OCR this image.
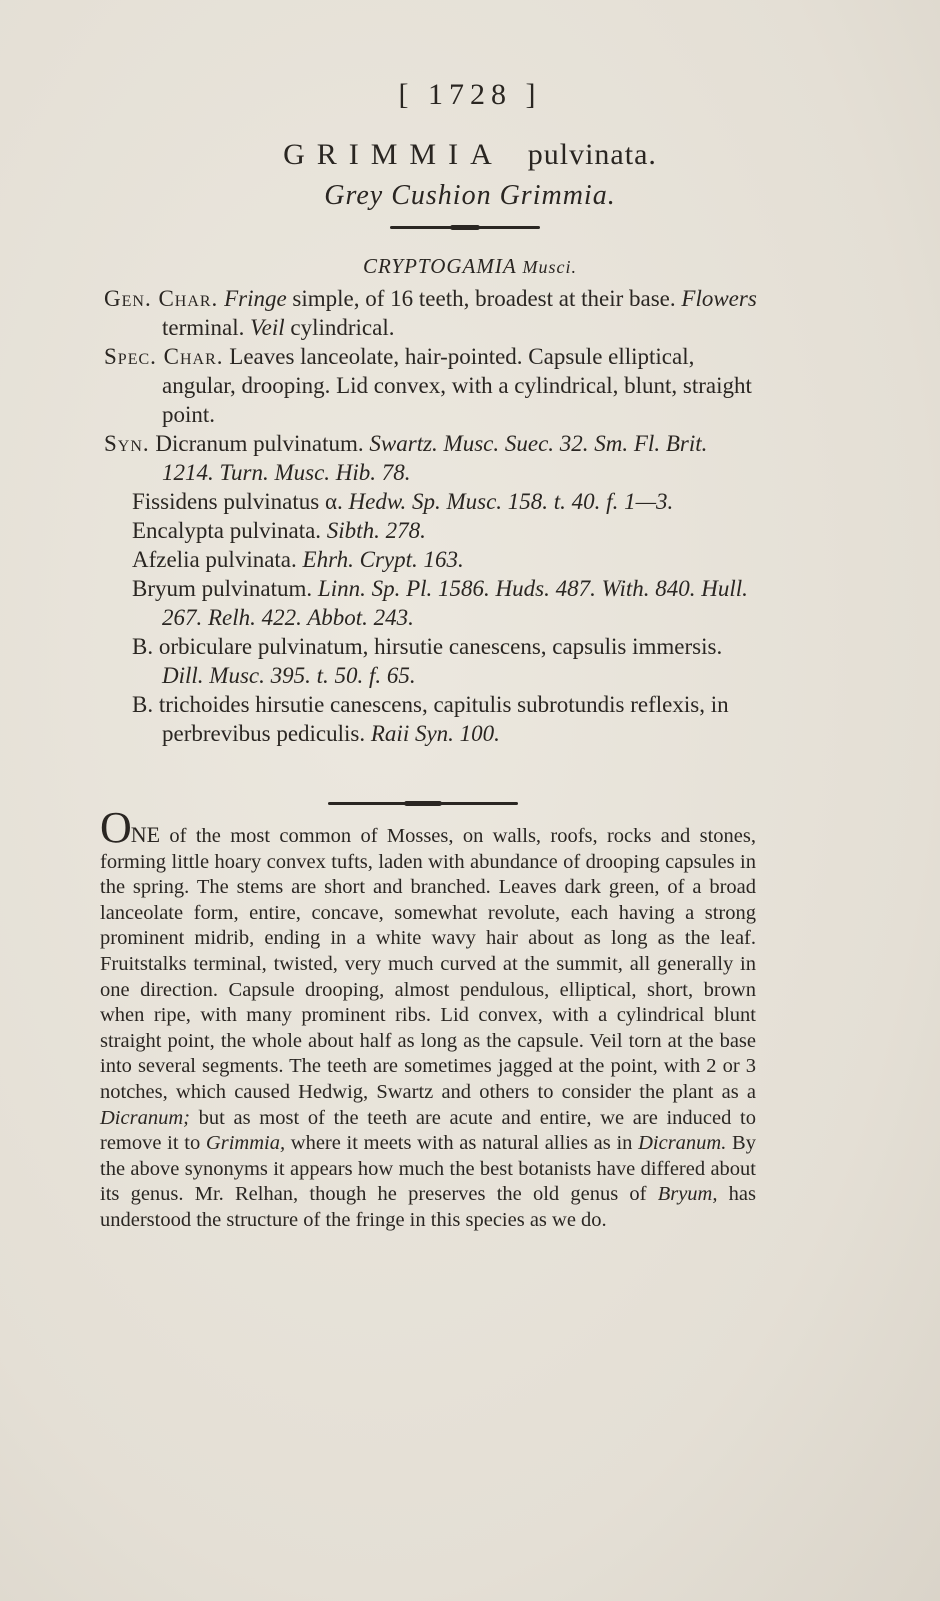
[ 1728 ]
GRIMMIA pulvinata.
Grey Cushion Grimmia.
CRYPTOGAMIA Musci.

Gen. Char. Fringe simple, of 16 teeth, broadest at their base. Flowers terminal. Veil cylindrical.

Spec. Char. Leaves lanceolate, hair-pointed. Capsule elliptical, angular, drooping. Lid convex, with a cylindrical, blunt, straight point.

Syn. Dicranum pulvinatum. Swartz. Musc. Suec. 32. Sm. Fl. Brit. 1214. Turn. Musc. Hib. 78.

Fissidens pulvinatus α. Hedw. Sp. Musc. 158. t. 40. f. 1—3.

Encalypta pulvinata. Sibth. 278.

Afzelia pulvinata. Ehrh. Crypt. 163.

Bryum pulvinatum. Linn. Sp. Pl. 1586. Huds. 487. With. 840. Hull. 267. Relh. 422. Abbot. 243.

B. orbiculare pulvinatum, hirsutie canescens, capsulis immersis. Dill. Musc. 395. t. 50. f. 65.

B. trichoides hirsutie canescens, capitulis subrotundis reflexis, in perbrevibus pediculis. Raii Syn. 100.

ONE of the most common of Mosses, on walls, roofs, rocks and stones, forming little hoary convex tufts, laden with abundance of drooping capsules in the spring. The stems are short and branched. Leaves dark green, of a broad lanceolate form, entire, concave, somewhat revolute, each having a strong prominent midrib, ending in a white wavy hair about as long as the leaf. Fruitstalks terminal, twisted, very much curved at the summit, all generally in one direction. Capsule drooping, almost pendulous, elliptical, short, brown when ripe, with many prominent ribs. Lid convex, with a cylindrical blunt straight point, the whole about half as long as the capsule. Veil torn at the base into several segments. The teeth are sometimes jagged at the point, with 2 or 3 notches, which caused Hedwig, Swartz and others to consider the plant as a Dicranum; but as most of the teeth are acute and entire, we are induced to remove it to Grimmia, where it meets with as natural allies as in Dicranum. By the above synonyms it appears how much the best botanists have differed about its genus. Mr. Relhan, though he preserves the old genus of Bryum, has understood the structure of the fringe in this species as we do.
